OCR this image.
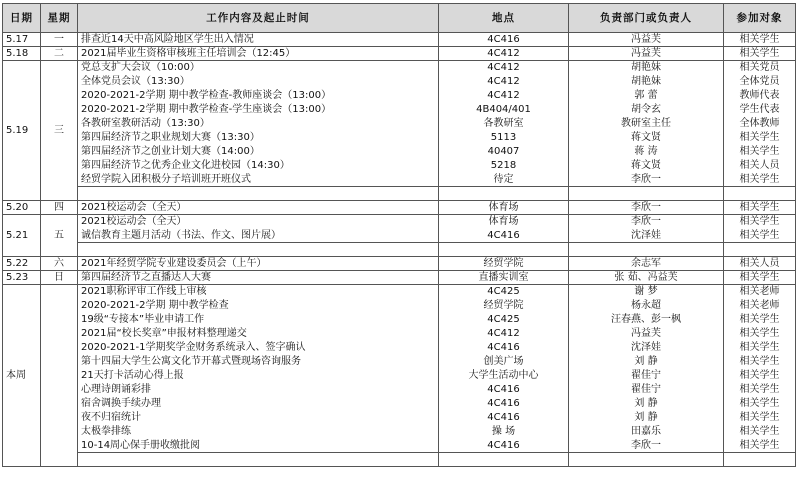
日期	星期	工作内容及起止时间	地点	负责部门或负责人	参加对象
5.17	一	排查近14天中高风险地区学生出入情况	4C416	冯益芙	相关学生
5.18	二	2021届毕业生资格审核班主任培训会（12:45）	4C412	冯益芙	相关学生
5.19	三	党总支扩大会议（10:00）	4C412	胡艳妹	相关党员
		全体党员会议（13:30）	4C412	胡艳妹	全体党员
		2020-2021-2学期 期中教学检查-教师座谈会（13:00）	4C412	郭 蕾	教师代表
		2020-2021-2学期 期中教学检查-学生座谈会（13:00）	4B404/401	胡令玄	学生代表
		各教研室教研活动（13:30）	各教研室	教研室主任	全体教师
		第四届经济节之职业规划大赛（13:30）	5113	蒋文贤	相关学生
		第四届经济节之创业计划大赛（14:00）	40407	蒋 涛	相关学生
		第四届经济节之优秀企业文化进校园（14:30）	5218	蒋文贤	相关人员
		经贸学院入团积极分子培训班开班仪式	待定	李欣一	相关学生

5.20	四	2021校运动会（全天）	体育场	李欣一	相关学生
5.21	五	2021校运动会（全天）	体育场	李欣一	相关学生
		诚信教育主题月活动（书法、作文、图片展）	4C416	沈泽娃	相关学生

5.22	六	2021年经贸学院专业建设委员会（上午）	经贸学院	余志军	相关人员
5.23	日	第四届经济节之直播达人大赛	直播实训室	张 茹、冯益芙	相关学生
本周		2021职称评审工作线上审核	4C425	谢 梦	相关老师
		2020-2021-2学期 期中教学检查	经贸学院	杨永超	相关老师
		19级“专接本”毕业申请工作	4C425	汪春燕、彭一枫	相关学生
		2021届“校长奖章”申报材料整理递交	4C412	冯益芙	相关学生
		2020-2021-1学期奖学金财务系统录入、签字确认	4C416	沈泽娃	相关学生
		第十四届大学生公寓文化节开幕式暨现场咨询服务	创美广场	刘 静	相关学生
		21天打卡活动心得上报	大学生活动中心	翟佳宁	相关学生
		心理诗朗诵彩排	4C416	翟佳宁	相关学生
		宿舍调换手续办理	4C416	刘 静	相关学生
		夜不归宿统计	4C416	刘 静	相关学生
		太极拳排练	操 场	田嘉乐	相关学生
		10-14周心保手册收缴批阅	4C416	李欣一	相关学生
